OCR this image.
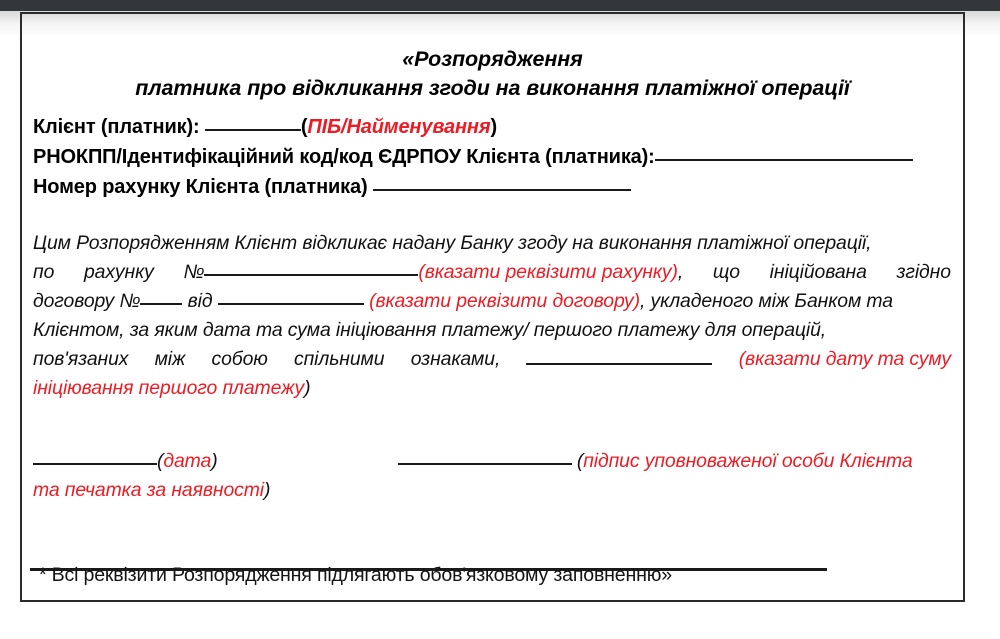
«Розпорядження
платника про відкликання згоди на виконання платіжної операції
Клієнт (платник):	(ПІБ/Найменування)
РНОКПП/Ідентифікаційний код/код ЄДРПОУ Клієнта (платника):
Номер рахунку Клієнта (платника)
Цим Розпорядженням Клієнт відкликає надану Банку згоду на виконання платіжної операції,
по рахунку №	(вказати реквізити рахунку), що ініційована згідно
договору № від	(вказати реквізити договору), укладеного між Банком та
Клієнтом, за яким дата та сума ініціювання платежу/ першого платежу для операцій,
пов'язаних між собою спільними ознаками,	(вказати дату та суму
ініціювання першого платежу)
(дата)	(підпис уповноваженої особи Клієнта
та печатка за наявності)
* Всі реквізити Розпорядження підлягають обов'язковому заповненню»
